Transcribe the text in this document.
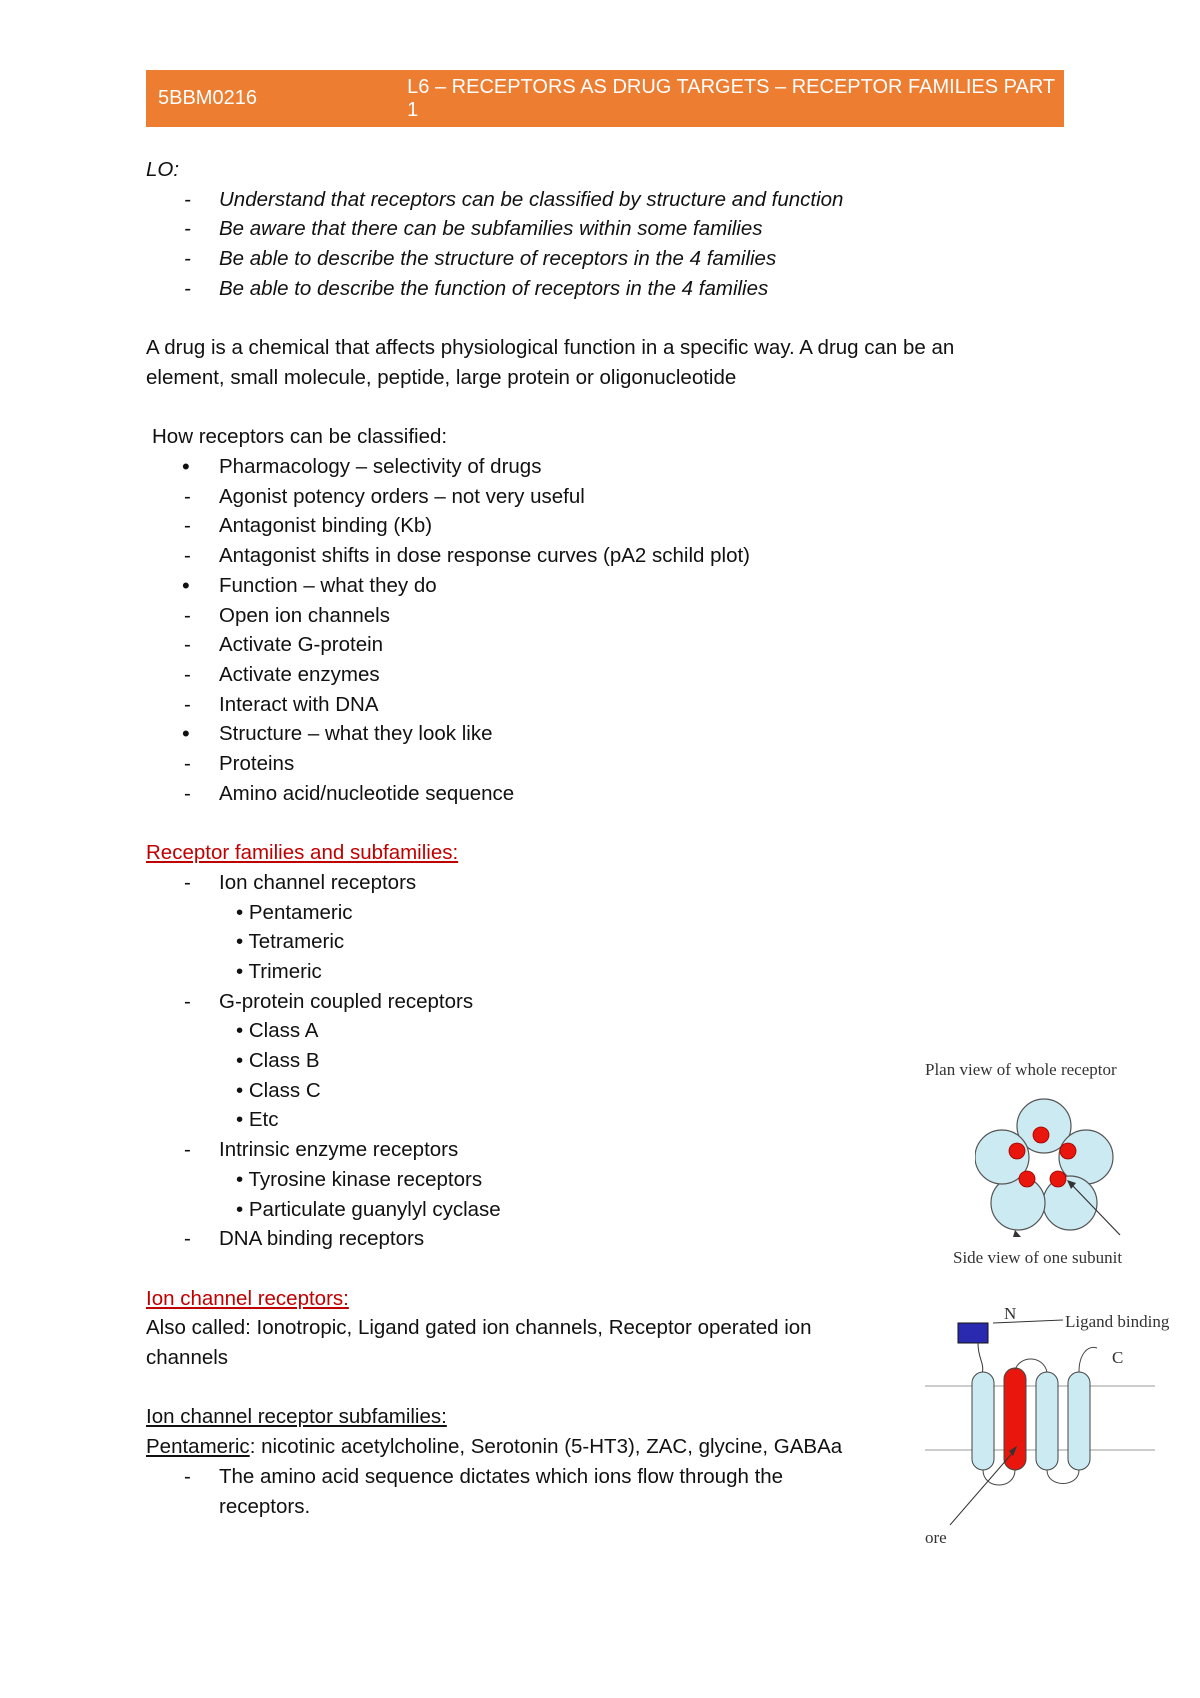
5BBM0216
L6 – RECEPTORS AS DRUG TARGETS – RECEPTOR FAMILIES PART 1
LO:
-	Understand that receptors can be classified by structure and function
-	Be aware that there can be subfamilies within some families
-	Be able to describe the structure of receptors in the 4 families
-	Be able to describe the function of receptors in the 4 families
A drug is a chemical that affects physiological function in a specific way. A drug can be an
element, small molecule, peptide, large protein or oligonucleotide
How receptors can be classified:
•	Pharmacology – selectivity of drugs
-	Agonist potency orders – not very useful
-	Antagonist binding (Kb)
-	Antagonist shifts in dose response curves (pA2 schild plot)
•	Function – what they do
-	Open ion channels
-	Activate G-protein
-	Activate enzymes
-	Interact with DNA
•	Structure – what they look like
-	Proteins
-	Amino acid/nucleotide sequence
Receptor families and subfamilies:
-	Ion channel receptors
• Pentameric
• Tetrameric
• Trimeric
-	G-protein coupled receptors
• Class A
• Class B
• Class C
• Etc
-	Intrinsic enzyme receptors
• Tyrosine kinase receptors
• Particulate guanylyl cyclase
-	DNA binding receptors
Ion channel receptors:
Also called: Ionotropic, Ligand gated ion channels, Receptor operated ion channels
Ion channel receptor subfamilies:
Pentameric: nicotinic acetylcholine, Serotonin (5-HT3), ZAC, glycine, GABAa
-	The amino acid sequence dictates which ions flow through the receptors.
Plan view of whole receptor
Side view of one subunit
N	Ligand binding
C
ore
